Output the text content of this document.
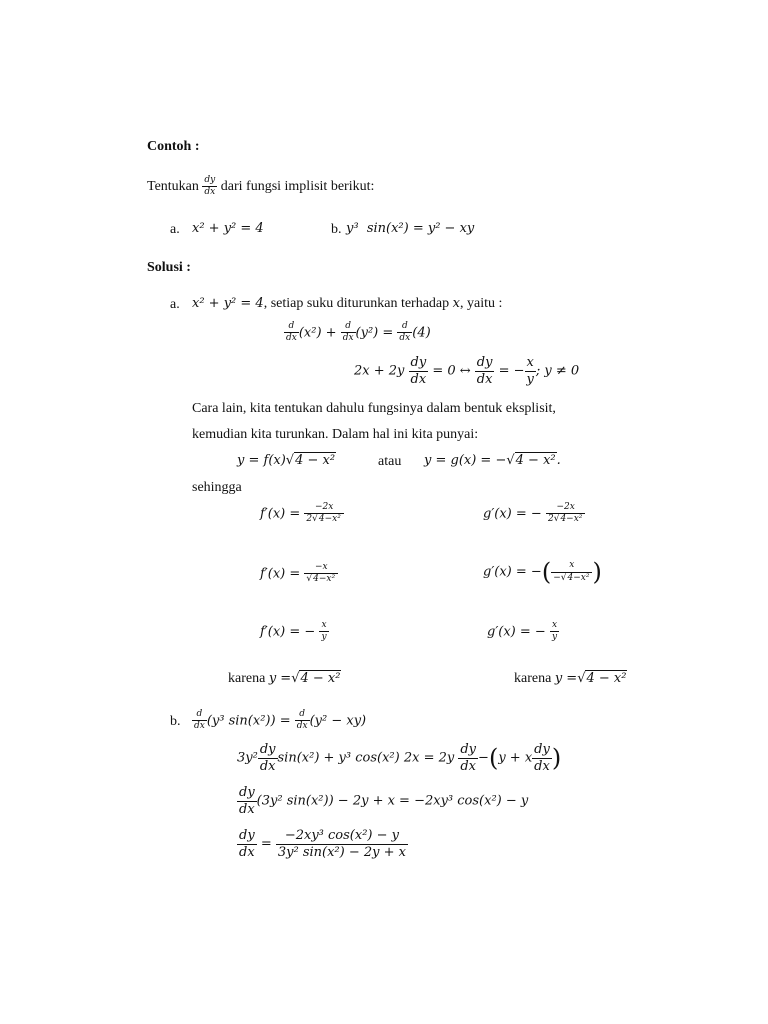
Contoh :
Tentukan $\frac{dy}{dx}$ dari fungsi implisit berikut:
a. x² + y² = 4	b. y³ sin(x²) = y² − xy
Solusi :
a. x² + y² = 4, setiap suku diturunkan terhadap x, yaitu :
$\frac{d}{dx} (x^2) + \frac{d}{dx} (y^2) = \frac{d}{dx} (4)$
$2x + 2y \frac{dy}{dx} = 0$ ↔ $\frac{dy}{dx}$ = − $\frac{x}{y}$ ; y ≠ 0
Cara lain, kita tentukan dahulu fungsinya dalam bentuk eksplisit,
kemudian kita turunkan. Dalam hal ini kita punyai:
y = f(x)√4 − x²	atau y = g(x) = −√4 − x².
sehingga
$f'(x) = \frac{-2x}{\text{2√4−x²}}$	g′(x) = − $\frac{-2x}{\text{2√4−x²}}$
$f'(x) = \frac{-x}{\text{√4−x²}}$	g′(x) = −( $\frac{x}{\text{−√4−x²}}$ )
f′(x) = − $\frac{x}{y}$	g′(x) = − $\frac{x}{y}$
karena y =√4 − x²	karena y =√4 − x²
b. $\frac{d}{dx} (y^3$ $\sin(x^2)) = \frac{d}{dx} (y^2 - xy)$
$3y^2 \frac{dy}{dx} \sin(x^2) + y^3$ cos(x²) $2x = 2y \frac{dy}{dx} -(y + x \frac{dy}{dx}$ )
$\frac{dy}{dx} (3y^2$ sin(x²)) − 2y + x = −2xy³ cos(x²) − y
$\frac{dy}{dx} = \frac{\text{−2xy³ cos(x²) − y}}{\text{3y² sin(x²) − 2y + x}}$
